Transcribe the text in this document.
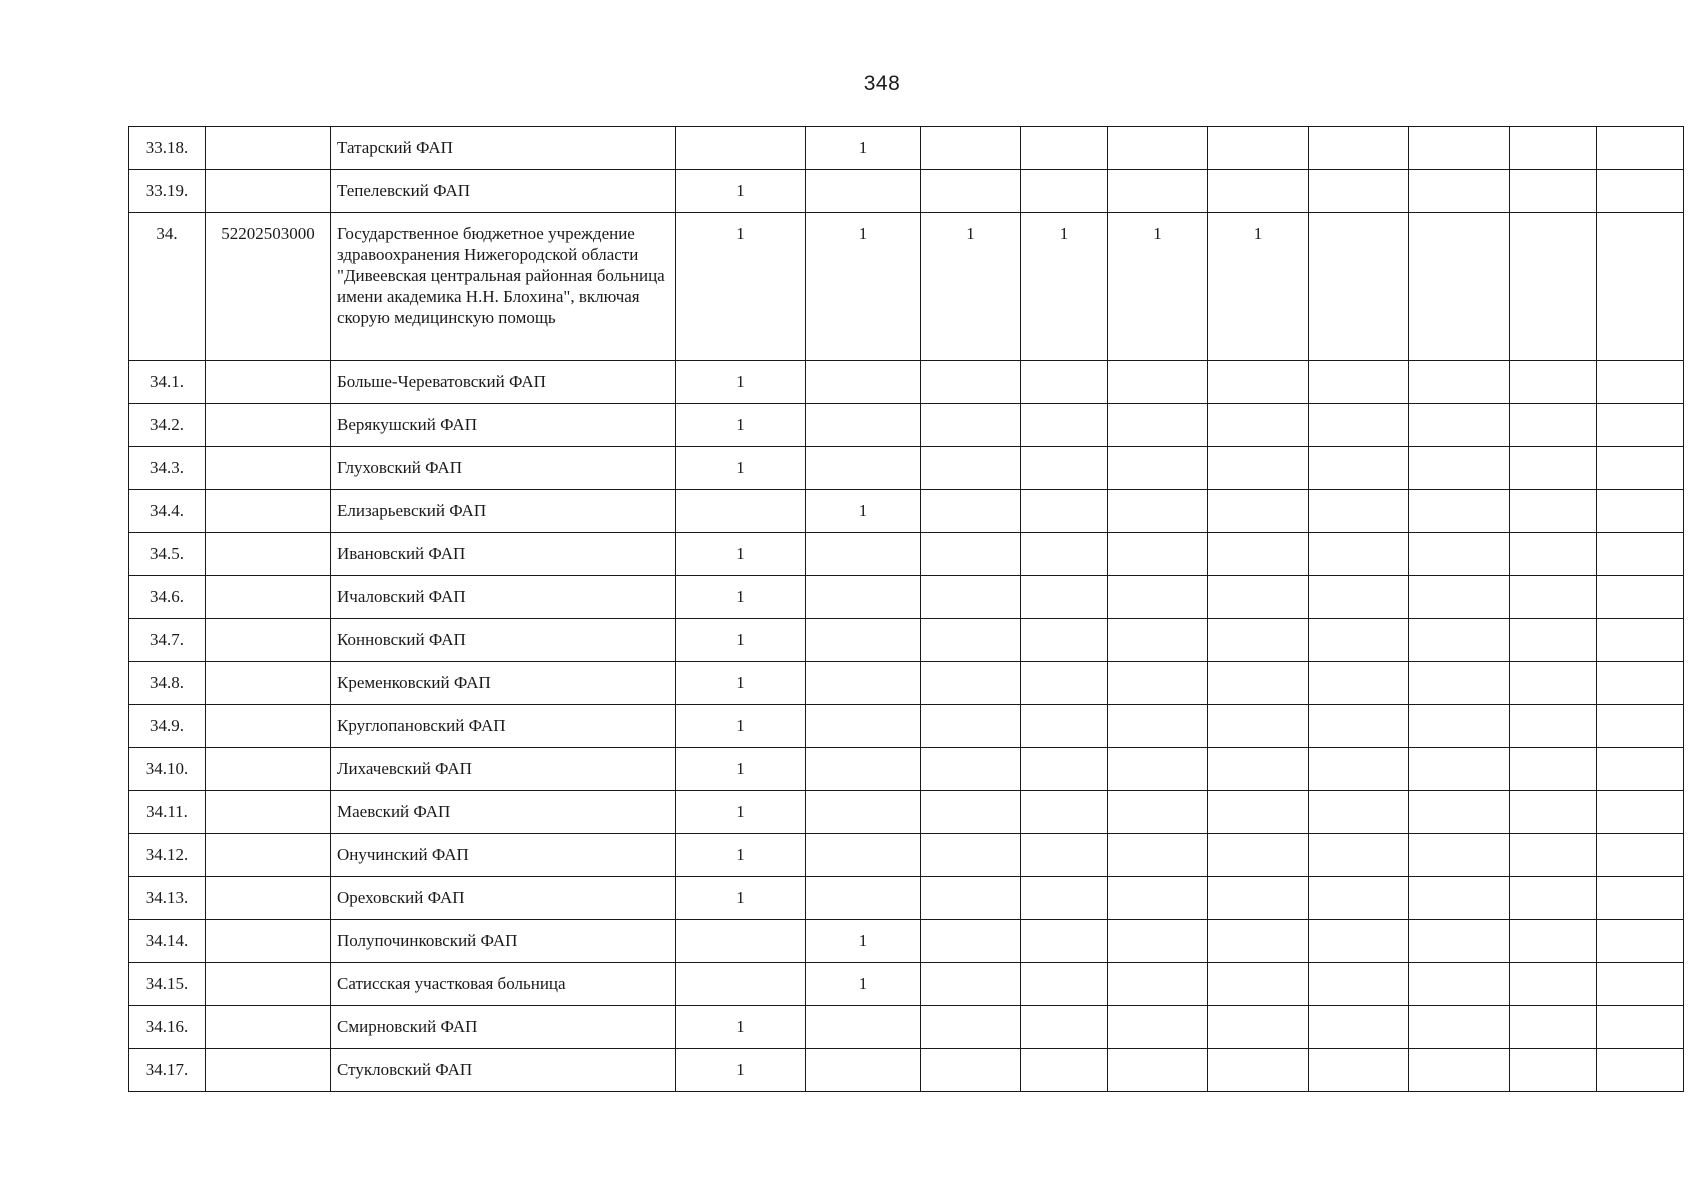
348
33.18.		Татарский ФАП		1								
33.19.		Тепелевский ФАП	1									
34.	52202503000	Государственное бюджетное учреждение здравоохранения Нижегородской области "Дивеевская центральная районная больница имени академика Н.Н. Блохина", включая скорую медицинскую помощь	1	1	1	1	1	1				
34.1.		Больше-Череватовский ФАП	1									
34.2.		Верякушский ФАП	1									
34.3.		Глуховский ФАП	1									
34.4.		Елизарьевский ФАП		1								
34.5.		Ивановский ФАП	1									
34.6.		Ичаловский ФАП	1									
34.7.		Конновский ФАП	1									
34.8.		Кременковский ФАП	1									
34.9.		Круглопановский ФАП	1									
34.10.		Лихачевский ФАП	1									
34.11.		Маевский ФАП	1									
34.12.		Онучинский ФАП	1									
34.13.		Ореховский ФАП	1									
34.14.		Полупочинковский ФАП		1								
34.15.		Сатисская участковая больница		1								
34.16.		Смирновский ФАП	1									
34.17.		Стукловский ФАП	1									
